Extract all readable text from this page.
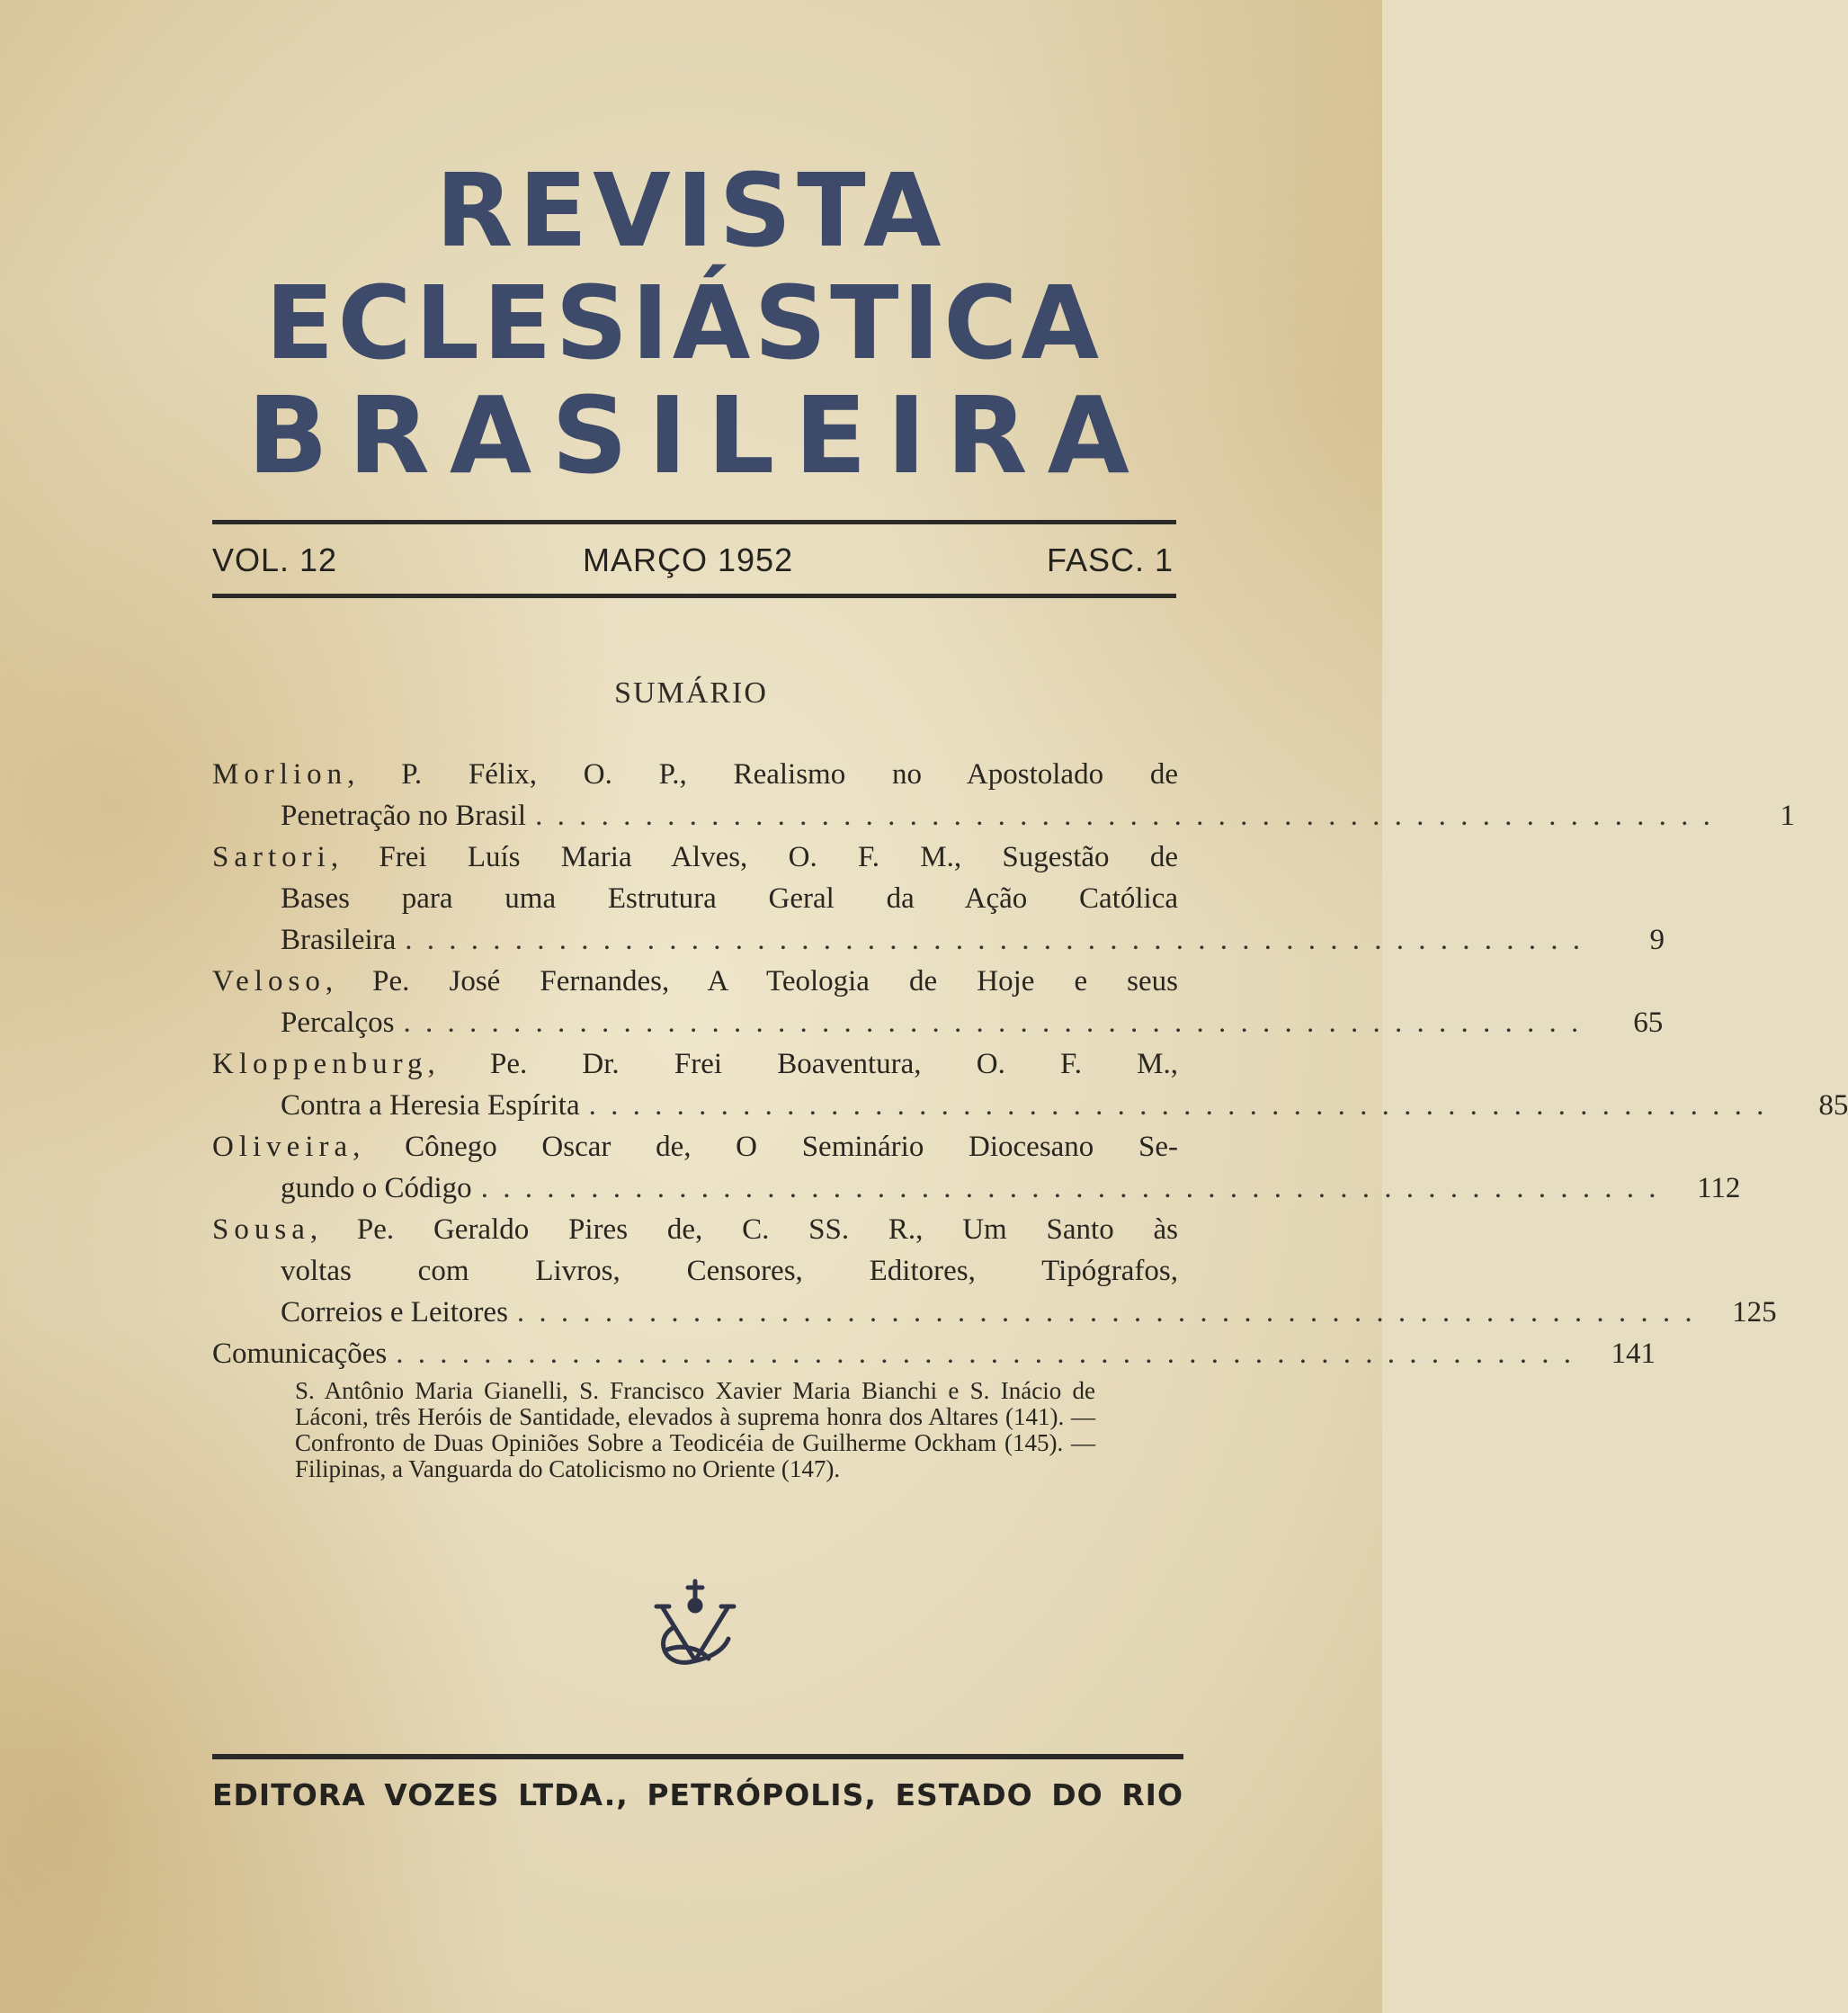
REVISTA
ECLESIÁSTICA
BRASILEIRA
VOL. 12	MARÇO 1952	FASC. 1
SUMÁRIO
Morlion, P. Félix, O. P., Realismo no Apostolado de
Penetração no Brasil . . . . . . . . . . . . . . . . . . . . . . . . . . . . . . . . . . . . . . . . . . . . . . . . . . . . . .	1
Sartori, Frei Luís Maria Alves, O. F. M., Sugestão de
Bases para uma Estrutura Geral da Ação Católica
Brasileira . . . . . . . . . . . . . . . . . . . . . . . . . . . . . . . . . . . . . . . . . . . . . . . . . . . . . .	9
Veloso, Pe. José Fernandes, A Teologia de Hoje e seus
Percalços . . . . . . . . . . . . . . . . . . . . . . . . . . . . . . . . . . . . . . . . . . . . . . . . . . . . . .	65
Kloppenburg, Pe. Dr. Frei Boaventura, O. F. M.,
Contra a Heresia Espírita . . . . . . . . . . . . . . . . . . . . . . . . . . . . . . . . . . . . . . . . . . . . . . . . . . . . . .	85
Oliveira, Cônego Oscar de, O Seminário Diocesano Se-
gundo o Código . . . . . . . . . . . . . . . . . . . . . . . . . . . . . . . . . . . . . . . . . . . . . . . . . . . . . .	112
Sousa, Pe. Geraldo Pires de, C. SS. R., Um Santo às
voltas com Livros, Censores, Editores, Tipógrafos,
Correios e Leitores . . . . . . . . . . . . . . . . . . . . . . . . . . . . . . . . . . . . . . . . . . . . . . . . . . . . . .	125
Comunicações . . . . . . . . . . . . . . . . . . . . . . . . . . . . . . . . . . . . . . . . . . . . . . . . . . . . . .	141
S. Antônio Maria Gianelli, S. Francisco Xavier Maria Bianchi e S. Inácio de Láconi, três Heróis de Santidade, elevados à suprema honra dos Altares (141). — Confronto de Duas Opiniões Sobre a Teodicéia de Guilherme Ockham (145). — Filipinas, a Vanguarda do Catolicismo no Oriente (147).
EDITORA VOZES LTDA., PETRÓPOLIS, ESTADO DO RIO
